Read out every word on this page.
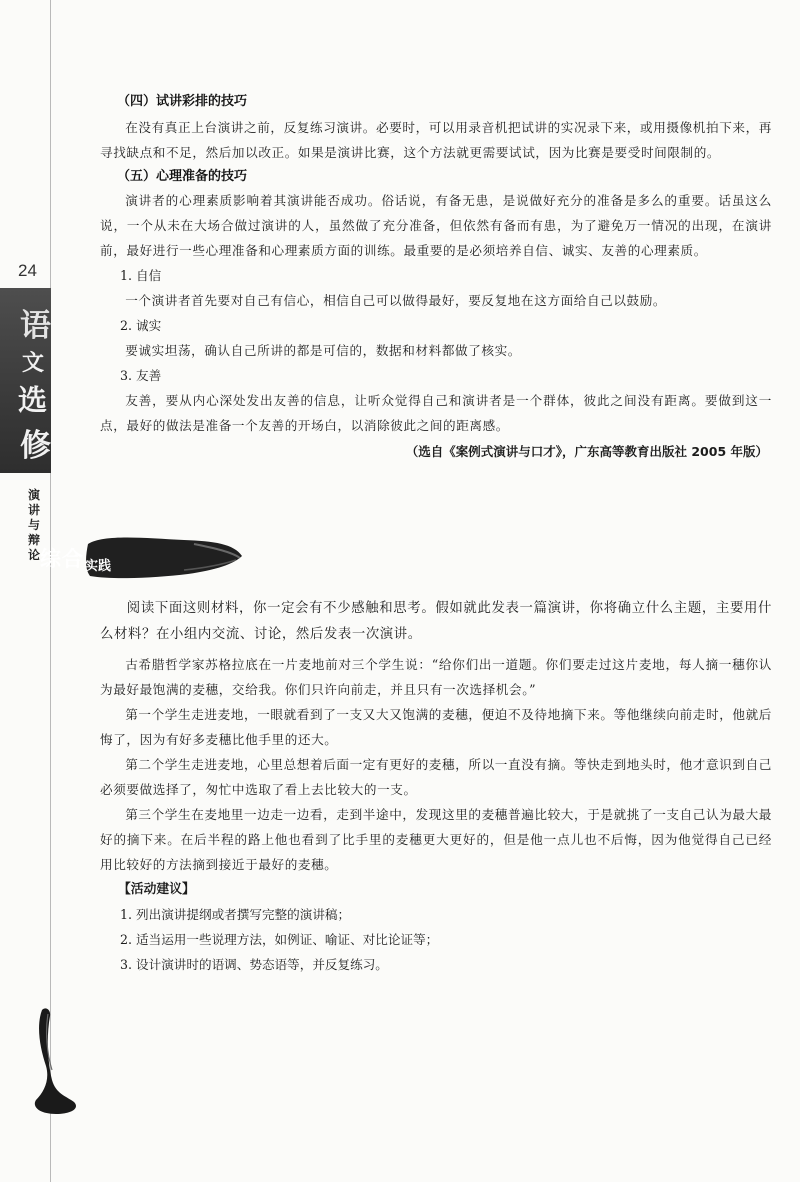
24
语
文
选
修
演
讲
与
辩
论
（四）试讲彩排的技巧

在没有真正上台演讲之前，反复练习演讲。必要时，可以用录音机把试讲的实况录下来，或用摄像机拍下来，再寻找缺点和不足，然后加以改正。如果是演讲比赛，这个方法就更需要试试，因为比赛是要受时间限制的。

（五）心理准备的技巧

演讲者的心理素质影响着其演讲能否成功。俗话说，有备无患，是说做好充分的准备是多么的重要。话虽这么说，一个从未在大场合做过演讲的人，虽然做了充分准备，但依然有备而有患，为了避免万一情况的出现，在演讲前，最好进行一些心理准备和心理素质方面的训练。最重要的是必须培养自信、诚实、友善的心理素质。

1. 自信

一个演讲者首先要对自己有信心，相信自己可以做得最好，要反复地在这方面给自己以鼓励。

2. 诚实

要诚实坦荡，确认自己所讲的都是可信的，数据和材料都做了核实。

3. 友善

友善，要从内心深处发出友善的信息，让听众觉得自己和演讲者是一个群体，彼此之间没有距离。要做到这一点，最好的做法是准备一个友善的开场白，以消除彼此之间的距离感。

（选自《案例式演讲与口才》，广东高等教育出版社 2005 年版）

综合 实践

阅读下面这则材料，你一定会有不少感触和思考。假如就此发表一篇演讲，你将确立什么主题，主要用什么材料？在小组内交流、讨论，然后发表一次演讲。

古希腊哲学家苏格拉底在一片麦地前对三个学生说：“给你们出一道题。你们要走过这片麦地，每人摘一穗你认为最好最饱满的麦穗，交给我。你们只许向前走，并且只有一次选择机会。”

第一个学生走进麦地，一眼就看到了一支又大又饱满的麦穗，便迫不及待地摘下来。等他继续向前走时，他就后悔了，因为有好多麦穗比他手里的还大。

第二个学生走进麦地，心里总想着后面一定有更好的麦穗，所以一直没有摘。等快走到地头时，他才意识到自己必须要做选择了，匆忙中选取了看上去比较大的一支。

第三个学生在麦地里一边走一边看，走到半途中，发现这里的麦穗普遍比较大，于是就挑了一支自己认为最大最好的摘下来。在后半程的路上他也看到了比手里的麦穗更大更好的，但是他一点儿也不后悔，因为他觉得自己已经用比较好的方法摘到接近于最好的麦穗。

【活动建议】

1. 列出演讲提纲或者撰写完整的演讲稿；

2. 适当运用一些说理方法，如例证、喻证、对比论证等；

3. 设计演讲时的语调、势态语等，并反复练习。
